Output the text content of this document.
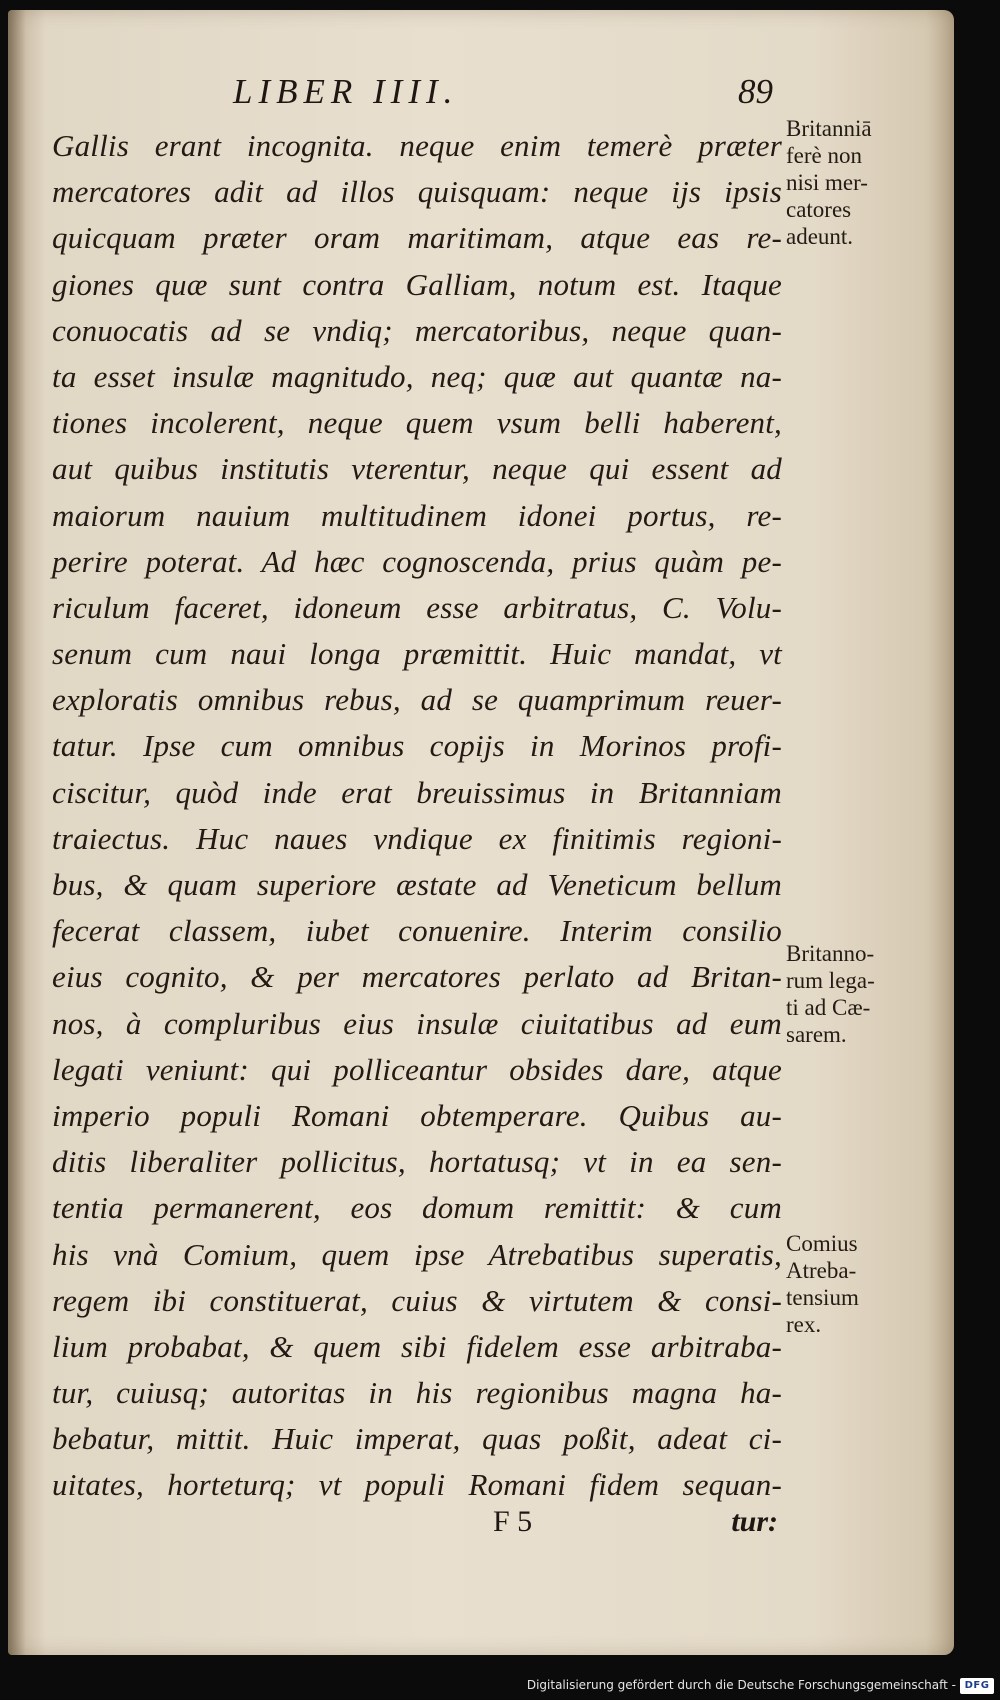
LIBER IIII.	89
Gallis erant incognita. neque enim temerè præter
mercatores adit ad illos quisquam: neque ijs ipsis
quicquam præter oram maritimam, atque eas re-
giones quæ sunt contra Galliam, notum est. Itaque
conuocatis ad se vndiq; mercatoribus, neque quan-
ta esset insulæ magnitudo, neq; quæ aut quantæ na-
tiones incolerent, neque quem vsum belli haberent,
aut quibus institutis vterentur, neque qui essent ad
maiorum nauium multitudinem idonei portus, re-
perire poterat. Ad hæc cognoscenda, prius quàm pe-
riculum faceret, idoneum esse arbitratus, C. Volu-
senum cum naui longa præmittit. Huic mandat, vt
exploratis omnibus rebus, ad se quamprimum reuer-
tatur. Ipse cum omnibus copijs in Morinos profi-
ciscitur, quòd inde erat breuissimus in Britanniam
traiectus. Huc naues vndique ex finitimis regioni-
bus, & quam superiore æstate ad Veneticum bellum
fecerat classem, iubet conuenire. Interim consilio
eius cognito, & per mercatores perlato ad Britan-
nos, à compluribus eius insulæ ciuitatibus ad eum
legati veniunt: qui polliceantur obsides dare, atque
imperio populi Romani obtemperare. Quibus au-
ditis liberaliter pollicitus, hortatusq; vt in ea sen-
tentia permanerent, eos domum remittit: & cum
his vnà Comium, quem ipse Atrebatibus superatis,
regem ibi constituerat, cuius & virtutem & consi-
lium probabat, & quem sibi fidelem esse arbitraba-
tur, cuiusq; autoritas in his regionibus magna ha-
bebatur, mittit. Huic imperat, quas poßit, adeat ci-
uitates, horteturq; vt populi Romani fidem sequan-
Britanniā
ferè non
nisi mer-
catores
adeunt.
Britanno-
rum lega-
ti ad Cæ-
sarem.
Comius
Atreba-
tensium
rex.
F 5	tur:
Digitalisierung gefördert durch die Deutsche Forschungsgemeinschaft - DFG
